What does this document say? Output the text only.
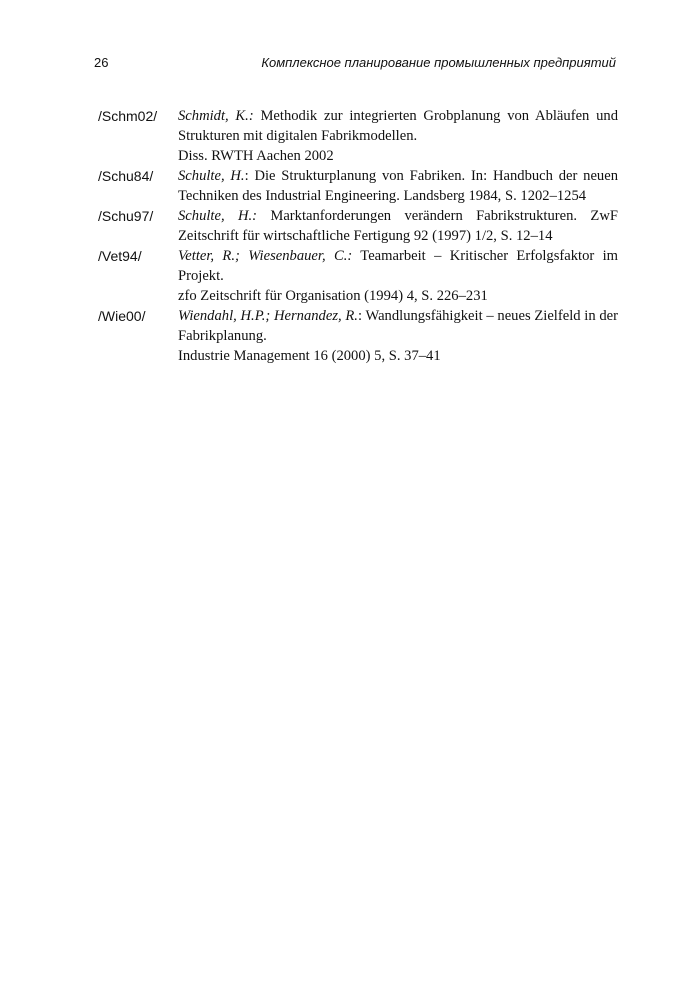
26	Комплексное планирование промышленных предприятий
/Schm02/	Schmidt, K.: Methodik zur integrierten Grobplanung von Abläufen und Strukturen mit digitalen Fabrikmodellen.
Diss. RWTH Aachen 2002
/Schu84/	Schulte, H.: Die Strukturplanung von Fabriken. In: Handbuch der neuen Techniken des Industrial Engineering. Landsberg 1984, S. 1202–1254
/Schu97/	Schulte, H.: Marktanforderungen verändern Fabrikstrukturen. ZwF Zeitschrift für wirtschaftliche Fertigung 92 (1997) 1/2, S. 12–14
/Vet94/	Vetter, R.; Wiesenbauer, C.: Teamarbeit – Kritischer Erfolgsfaktor im Projekt.
zfo Zeitschrift für Organisation (1994) 4, S. 226–231
/Wie00/	Wiendahl, H.P.; Hernandez, R.: Wandlungsfähigkeit – neues Zielfeld in der Fabrikplanung.
Industrie Management 16 (2000) 5, S. 37–41
